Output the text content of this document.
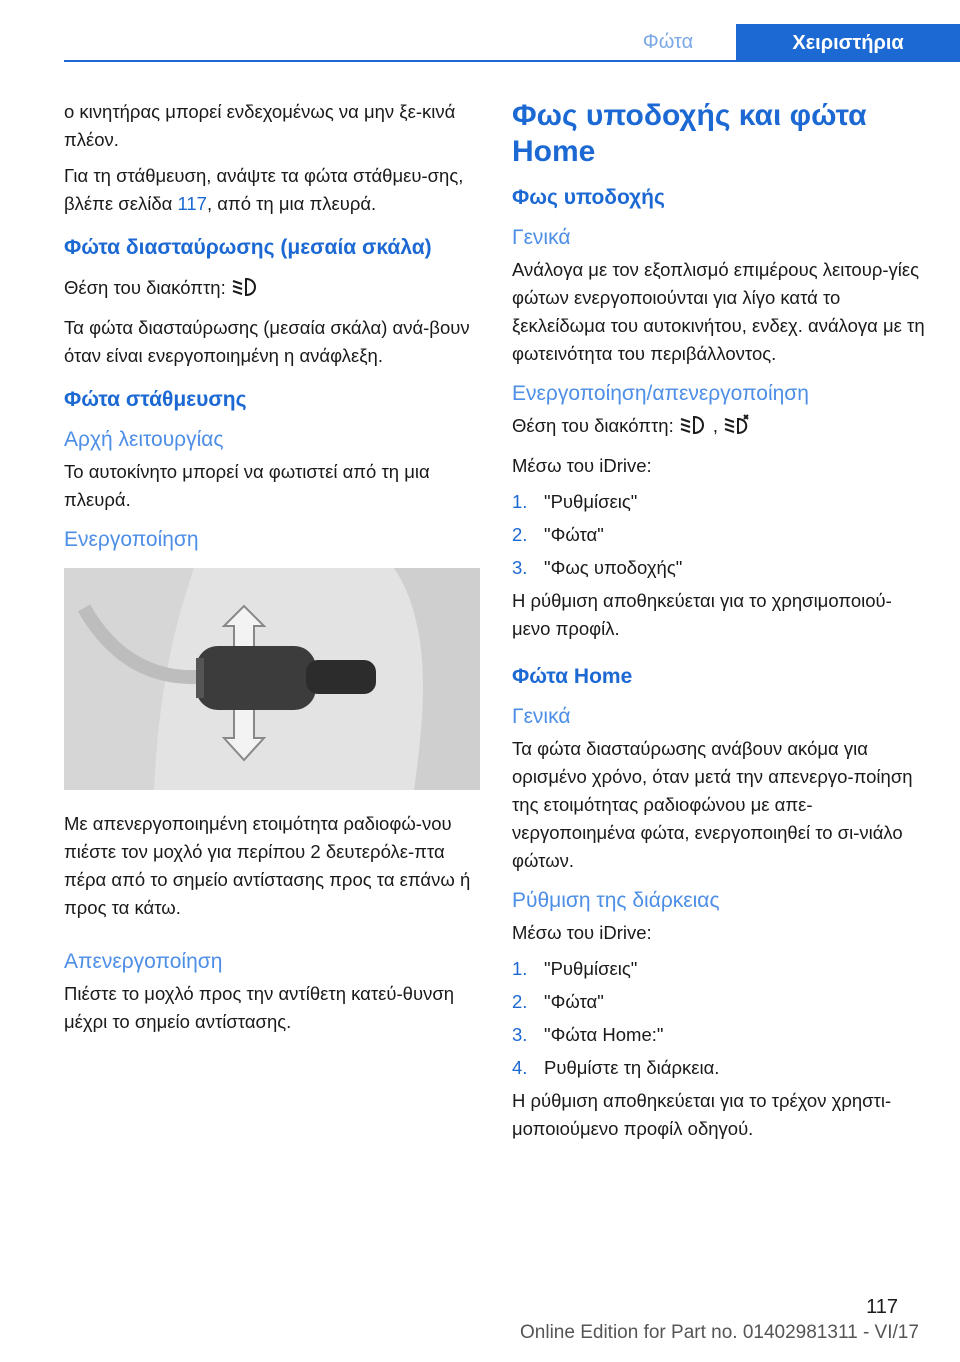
Φώτα	Χειριστήρια

ο κινητήρας μπορεί ενδεχομένως να μην ξε-κινά πλέον.

Για τη στάθμευση, ανάψτε τα φώτα στάθμευ-σης, βλέπε σελίδα 117, από τη μια πλευρά.

Φώτα διασταύρωσης (μεσαία σκάλα)

Θέση του διακόπτη:

Τα φώτα διασταύρωσης (μεσαία σκάλα) ανά-βουν όταν είναι ενεργοποιημένη η ανάφλεξη.

Φώτα στάθμευσης
Αρχή λειτουργίας

Το αυτοκίνητο μπορεί να φωτιστεί από τη μια πλευρά.

Ενεργοποίηση

Με απενεργοποιημένη ετοιμότητα ραδιοφώ-νου πιέστε τον μοχλό για περίπου 2 δευτερόλε-πτα πέρα από το σημείο αντίστασης προς τα επάνω ή προς τα κάτω.

Απενεργοποίηση

Πιέστε το μοχλό προς την αντίθετη κατεύ-θυνση μέχρι το σημείο αντίστασης.

Φως υποδοχής και φώτα Home
Φως υποδοχής
Γενικά

Ανάλογα με τον εξοπλισμό επιμέρους λειτουρ-γίες φώτων ενεργοποιούνται για λίγο κατά το ξεκλείδωμα του αυτοκινήτου, ενδεχ. ανάλογα με τη φωτεινότητα του περιβάλλοντος.

Ενεργοποίηση/απενεργοποίηση

Θέση του διακόπτη: ,

Μέσω του iDrive:

1. "Ρυθμίσεις"
2. "Φώτα"
3. "Φως υποδοχής"

Η ρύθμιση αποθηκεύεται για το χρησιμοποιού-μενο προφίλ.

Φώτα Home
Γενικά

Τα φώτα διασταύρωσης ανάβουν ακόμα για ορισμένο χρόνο, όταν μετά την απενεργο-ποίηση της ετοιμότητας ραδιοφώνου με απε-νεργοποιημένα φώτα, ενεργοποιηθεί το σι-νιάλο φώτων.

Ρύθμιση της διάρκειας

Μέσω του iDrive:

1. "Ρυθμίσεις"
2. "Φώτα"
3. "Φώτα Home:"
4. Ρυθμίστε τη διάρκεια.

Η ρύθμιση αποθηκεύεται για το τρέχον χρηστι-μοποιούμενο προφίλ οδηγού.

117
Online Edition for Part no. 01402981311 - VI/17
